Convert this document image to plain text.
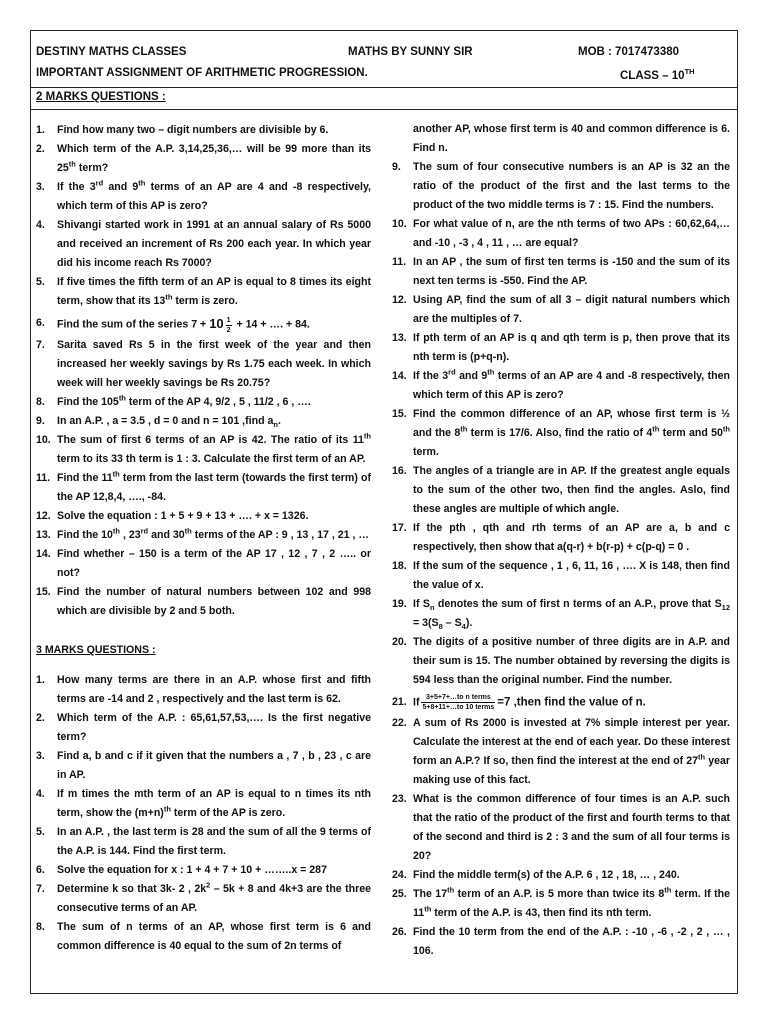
DESTINY MATHS CLASSES	MATHS BY SUNNY SIR	MOB : 7017473380
IMPORTANT ASSIGNMENT OF ARITHMETIC PROGRESSION.	CLASS – 10TH
2 MARKS QUESTIONS :
1. Find how many two – digit numbers are divisible by 6.
2. Which term of the A.P. 3,14,25,36,… will be 99 more than its 25th term?
3. If the 3rd and 9th terms of an AP are 4 and -8 respectively, which term of this AP is zero?
4. Shivangi started work in 1991 at an annual salary of Rs 5000 and received an increment of Rs 200 each year. In which year did his income reach Rs 7000?
5. If five times the fifth term of an AP is equal to 8 times its eight term, show that its 13th term is zero.
6. Find the sum of the series $7 + 10 \frac{1}{2} + 14$ + …. + 84.
7. Sarita saved Rs 5 in the first week of the year and then increased her weekly savings by Rs 1.75 each week. In which week will her weekly savings be Rs 20.75?
8. Find the 105th term of the AP 4, 9/2 , 5 , 11/2 , 6 , ….
9. In an A.P. , a = 3.5 , d = 0 and n = 101 ,find $a_n$.
10. The sum of first 6 terms of an AP is 42. The ratio of its 11th term to its 33 th term is 1 : 3. Calculate the first term of an AP.
11. Find the 11th term from the last term (towards the first term) of the AP 12,8,4, …., -84.
12. Solve the equation : 1 + 5 + 9 + 13 + …. + x = 1326.
13. Find the 10th , 23rd and 30th terms of the AP : 9 , 13 , 17 , 21 , …
14. Find whether – 150 is a term of the AP 17 , 12 , 7 , 2 ….. or not?
15. Find the number of natural numbers between 102 and 998 which are divisible by 2 and 5 both.
3 MARKS QUESTIONS :
1. How many terms are there in an A.P. whose first and fifth terms are -14 and 2 , respectively and the last term is 62.
2. Which term of the A.P. : 65,61,57,53,…. Is the first negative term?
3. Find a, b and c if it given that the numbers a , 7 , b , 23 , c are in AP.
4. If m times the mth term of an AP is equal to n times its nth term, show the $(m+n)^{th}$ term of the AP is zero.
5. In an A.P. , the last term is 28 and the sum of all the 9 terms of the A.P. is 144. Find the first term.
6. Solve the equation for x : 1 + 4 + 7 + 10 + ……..x = 287
7. Determine k so that 3k- 2 , $2k^2 - 5k + 8$ and 4k+3 are the three consecutive terms of an AP.
8. The sum of n terms of an AP, whose first term is 6 and common difference is 40 equal to the sum of 2n terms of
another AP, whose first term is 40 and common difference is 6. Find n.
9. The sum of four consecutive numbers is an AP is 32 an the ratio of the product of the first and the last terms to the product of the two middle terms is 7 : 15. Find the numbers.
10. For what value of n, are the nth terms of two APs : 60,62,64,… and -10 , -3 , 4 , 11 , … are equal?
11. In an AP , the sum of first ten terms is -150 and the sum of its next ten terms is -550. Find the AP.
12. Using AP, find the sum of all 3 – digit natural numbers which are the multiples of 7.
13. If pth term of an AP is q and qth term is p, then prove that its nth term is (p+q-n).
14. If the 3rd and 9th terms of an AP are 4 and -8 respectively, then which term of this AP is zero?
15. Find the common difference of an AP, whose first term is ½ and the 8th term is 17/6. Also, find the ratio of 4th term and 50th term.
16. The angles of a triangle are in AP. If the greatest angle equals to the sum of the other two, then find the angles. Aslo, find these angles are multiple of which angle.
17. If the pth , qth and rth terms of an AP are a, b and c respectively, then show that a(q-r) + b(r-p) + c(p-q) = 0 .
18. If the sum of the sequence , 1 , 6, 11, 16 , …. X is 148, then find the value of x.
19. If $S_n$ denotes the sum of first n terms of an A.P., prove that $S_{12} = 3(S_8 - S_4)$.
20. The digits of a positive number of three digits are in A.P. and their sum is 15. The number obtained by reversing the digits is 594 less than the original number. Find the number.
21. If $\frac{\text{3+5+7+…to n terms}}{\text{5+8+11+…to 10 terms}} =7$ ,then find the value of n.
22. A sum of Rs 2000 is invested at 7% simple interest per year. Calculate the interest at the end of each year. Do these interest form an A.P.? If so, then find the interest at the end of 27th year making use of this fact.
23. What is the common difference of four times is an A.P. such that the ratio of the product of the first and fourth terms to that of the second and third is 2 : 3 and the sum of all four terms is 20?
24. Find the middle term(s) of the A.P. 6 , 12 , 18, … , 240.
25. The 17th term of an A.P. is 5 more than twice its 8th term. If the 11th term of the A.P. is 43, then find its nth term.
26. Find the 10 term from the end of the A.P. : -10 , -6 , -2 , 2 , … , 106.
